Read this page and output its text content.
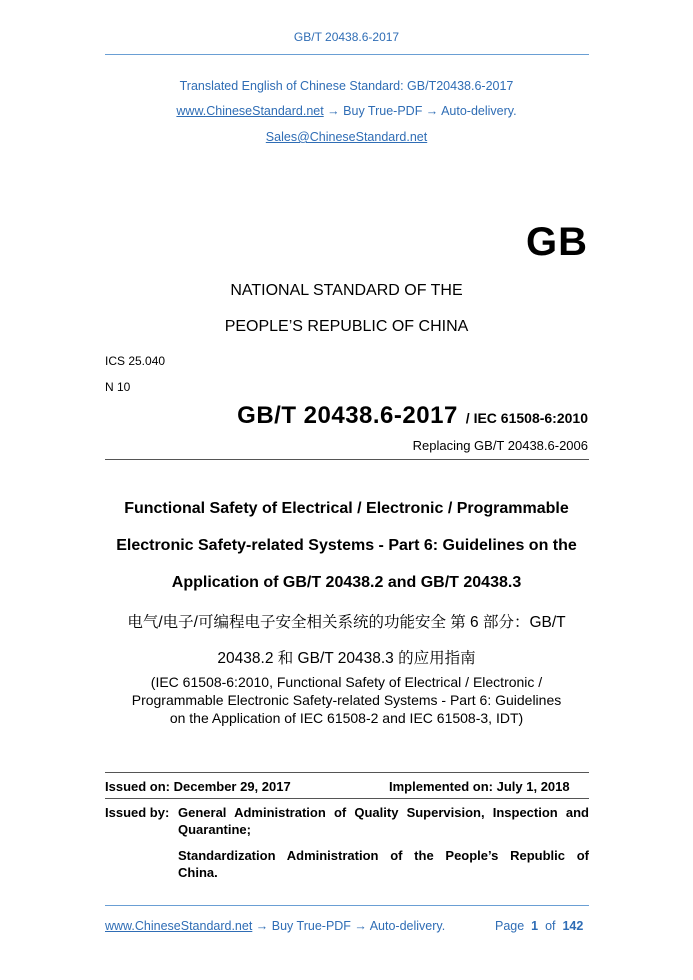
GB/T 20438.6-2017
Translated English of Chinese Standard: GB/T20438.6-2017
www.ChineseStandard.net → Buy True-PDF → Auto-delivery.
Sales@ChineseStandard.net
GB
NATIONAL STANDARD OF THE
PEOPLE’S REPUBLIC OF CHINA
ICS 25.040
N 10
GB/T 20438.6-2017 / IEC 61508-6:2010
Replacing GB/T 20438.6-2006
Functional Safety of Electrical / Electronic / Programmable
Electronic Safety-related Systems - Part 6: Guidelines on the
Application of GB/T 20438.2 and GB/T 20438.3
电气/电子/可编程电子安全相关系统的功能安全 第 6 部分：GB/T
20438.2 和 GB/T 20438.3 的应用指南
(IEC 61508-6:2010, Functional Safety of Electrical / Electronic /
Programmable Electronic Safety-related Systems - Part 6: Guidelines
on the Application of IEC 61508-2 and IEC 61508-3, IDT)
Issued on: December 29, 2017	Implemented on: July 1, 2018
Issued by: General Administration of Quality Supervision, Inspection and
Quarantine;
Standardization Administration of the People’s Republic of
China.
www.ChineseStandard.net → Buy True-PDF → Auto-delivery.	Page 1 of 142
